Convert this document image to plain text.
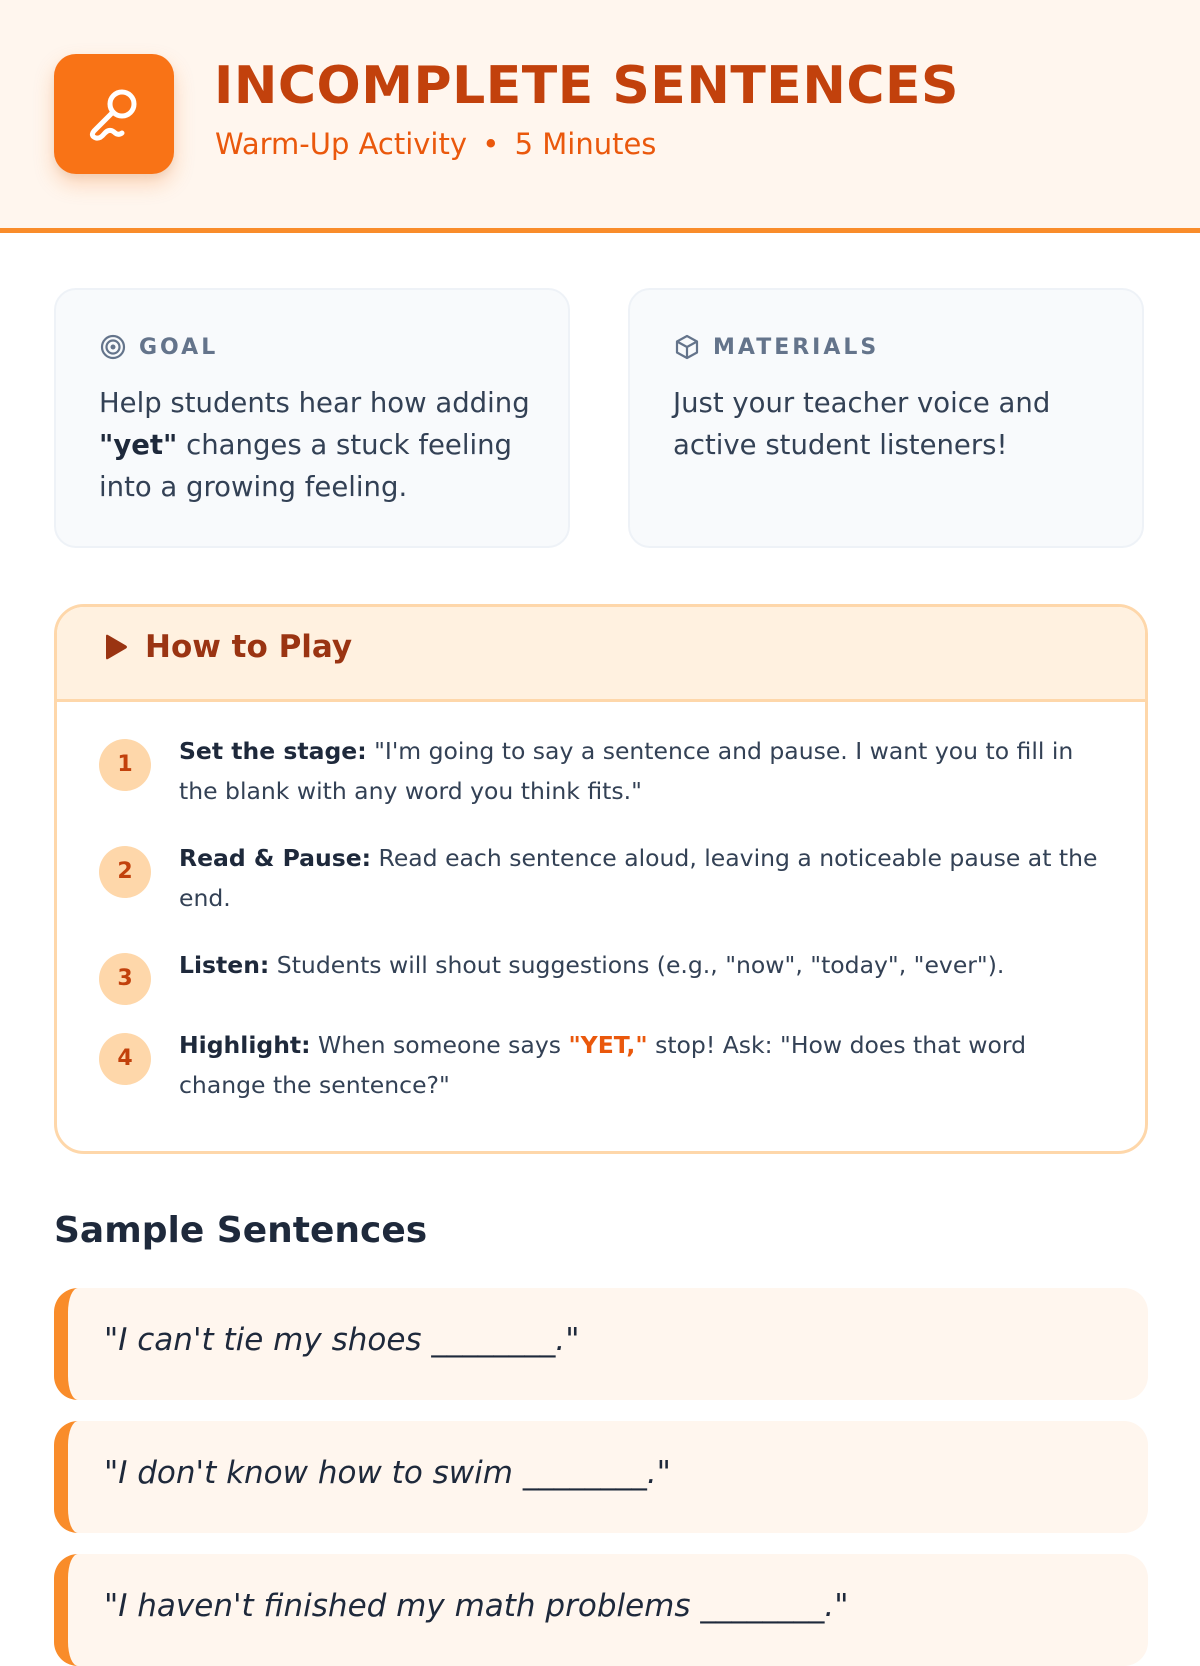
INCOMPLETE SENTENCES
Warm-Up Activity • 5 Minutes
GOAL
Help students hear how adding "yet" changes a stuck feeling into a growing feeling.
MATERIALS
Just your teacher voice and active student listeners!
How to Play
1	Set the stage: "I'm going to say a sentence and pause. I want you to fill in the blank with any word you think fits."
2	Read & Pause: Read each sentence aloud, leaving a noticeable pause at the end.
3	Listen: Students will shout suggestions (e.g., "now", "today", "ever").
4	Highlight: When someone says "YET," stop! Ask: "How does that word change the sentence?"
Sample Sentences
"I can't tie my shoes ________."
"I don't know how to swim ________."
"I haven't finished my math problems ________."
